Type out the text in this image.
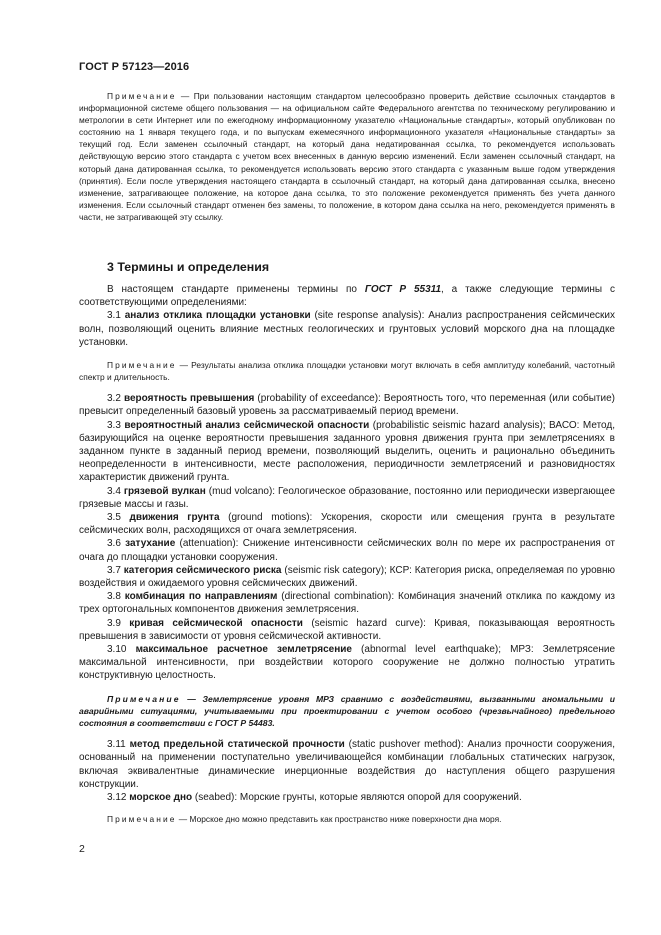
ГОСТ Р 57123—2016

Примечание — При пользовании настоящим стандартом целесообразно проверить действие ссылочных стандартов в информационной системе общего пользования — на официальном сайте Федерального агентства по техническому регулированию и метрологии в сети Интернет или по ежегодному информационному указателю «Национальные стандарты», который опубликован по состоянию на 1 января текущего года, и по выпускам ежемесячного информационного указателя «Национальные стандарты» за текущий год. Если заменен ссылочный стандарт, на который дана недатированная ссылка, то рекомендуется использовать действующую версию этого стандарта с учетом всех внесенных в данную версию изменений. Если заменен ссылочный стандарт, на который дана датированная ссылка, то рекомендуется использовать версию этого стандарта с указанным выше годом утверждения (принятия). Если после утверждения настоящего стандарта в ссылочный стандарт, на который дана датированная ссылка, внесено изменение, затрагивающее положение, на которое дана ссылка, то это положение рекомендуется применять без учета данного изменения. Если ссылочный стандарт отменен без замены, то положение, в котором дана ссылка на него, рекомендуется применять в части, не затрагивающей эту ссылку.

3 Термины и определения

В настоящем стандарте применены термины по ГОСТ Р 55311, а также следующие термины с соответствующими определениями:

3.1 анализ отклика площадки установки (site response analysis): Анализ распространения сейсмических волн, позволяющий оценить влияние местных геологических и грунтовых условий морского дна на площадке установки.

Примечание — Результаты анализа отклика площадки установки могут включать в себя амплитуду колебаний, частотный спектр и длительность.

3.2 вероятность превышения (probability of exceedance): Вероятность того, что переменная (или событие) превысит определенный базовый уровень за рассматриваемый период времени.

3.3 вероятностный анализ сейсмической опасности (probabilistic seismic hazard analysis); ВАСО: Метод, базирующийся на оценке вероятности превышения заданного уровня движения грунта при землетрясениях в заданном пункте в заданный период времени, позволяющий выделить, оценить и рационально объединить неопределенности в интенсивности, месте расположения, периодичности землетрясений и разновидностях характеристик движений грунта.

3.4 грязевой вулкан (mud volcano): Геологическое образование, постоянно или периодически извергающее грязевые массы и газы.

3.5 движения грунта (ground motions): Ускорения, скорости или смещения грунта в результате сейсмических волн, расходящихся от очага землетрясения.

3.6 затухание (attenuation): Снижение интенсивности сейсмических волн по мере их распространения от очага до площадки установки сооружения.

3.7 категория сейсмического риска (seismic risk category); КСР: Категория риска, определяемая по уровню воздействия и ожидаемого уровня сейсмических движений.

3.8 комбинация по направлениям (directional combination): Комбинация значений отклика по каждому из трех ортогональных компонентов движения землетрясения.

3.9 кривая сейсмической опасности (seismic hazard curve): Кривая, показывающая вероятность превышения в зависимости от уровня сейсмической активности.

3.10 максимальное расчетное землетрясение (abnormal level earthquake); МРЗ: Землетрясение максимальной интенсивности, при воздействии которого сооружение не должно полностью утратить конструктивную целостность.

Примечание — Землетрясение уровня МРЗ сравнимо с воздействиями, вызванными аномальными и аварийными ситуациями, учитываемыми при проектировании с учетом особого (чрезвычайного) предельного состояния в соответствии с ГОСТ Р 54483.

3.11 метод предельной статической прочности (static pushover method): Анализ прочности сооружения, основанный на применении поступательно увеличивающейся комбинации глобальных статических нагрузок, включая эквивалентные динамические инерционные воздействия до наступления общего разрушения конструкции.

3.12 морское дно (seabed): Морские грунты, которые являются опорой для сооружений.

Примечание — Морское дно можно представить как пространство ниже поверхности дна моря.

2
